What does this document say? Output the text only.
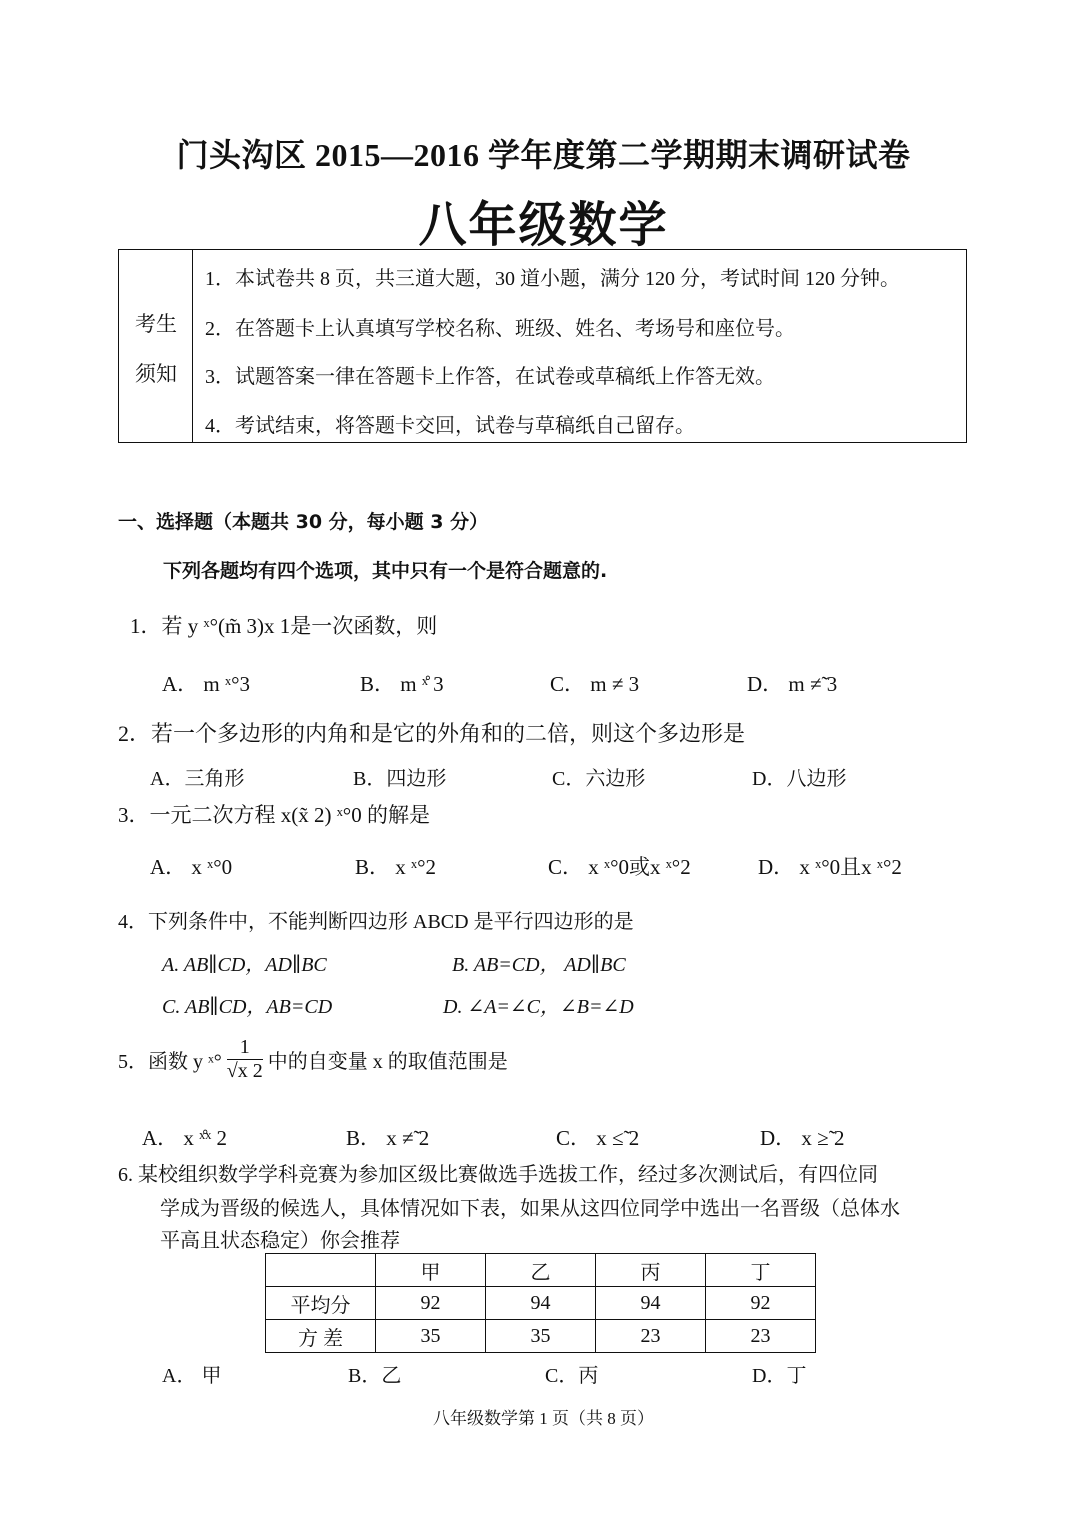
门头沟区 2015—2016 学年度第二学期期末调研试卷
八年级数学
考生
须知
1．本试卷共 8 页，共三道大题，30 道小题，满分 120 分，考试时间 120 分钟。
2．在答题卡上认真填写学校名称、班级、姓名、考场号和座位号。
3．试题答案一律在答题卡上作答，在试卷或草稿纸上作答无效。
4．考试结束，将答题卡交回，试卷与草稿纸自己留存。
一、选择题（本题共 30 分，每小题 3 分）
下列各题均有四个选项，其中只有一个是符合题意的.
1．若 y ˣ°(m̃ 3)x 1是一次函数，则
A． m ˣ°3	B． m ˣ̊ 3	C． m ≠ 3	D． m ≠̃ 3
2．若一个多边形的内角和是它的外角和的二倍，则这个多边形是
A．三角形	B．四边形	C．六边形	D．八边形
3．一元二次方程 x(x̃ 2) ˣ°0 的解是
A． x ˣ°0	B． x ˣ°2	C． x ˣ°0或x ˣ°2	D． x ˣ°0且x ˣ°2
4．下列条件中，不能判断四边形 ABCD 是平行四边形的是
A. AB∥CD，AD∥BC	B. AB=CD， AD∥BC
C. AB∥CD，AB=CD	D. ∠A=∠C，∠B=∠D
5．函数 y ˣ° $\frac{1}{√x 2}$ 中的自变量 x 的取值范围是
A． x ˣ̊ˣ 2	B． x ≠̃ 2	C． x ≤̃ 2	D． x ≥̃ 2
6. 某校组织数学学科竞赛为参加区级比赛做选手选拔工作，经过多次测试后，有四位同
学成为晋级的候选人，具体情况如下表，如果从这四位同学中选出一名晋级（总体水
平高且状态稳定）你会推荐
	甲	乙	丙	丁
平均分	92	94	94	92
方 差	35	35	23	23
A． 甲	B．乙	C．丙	D．丁
八年级数学第 1 页（共 8 页）
